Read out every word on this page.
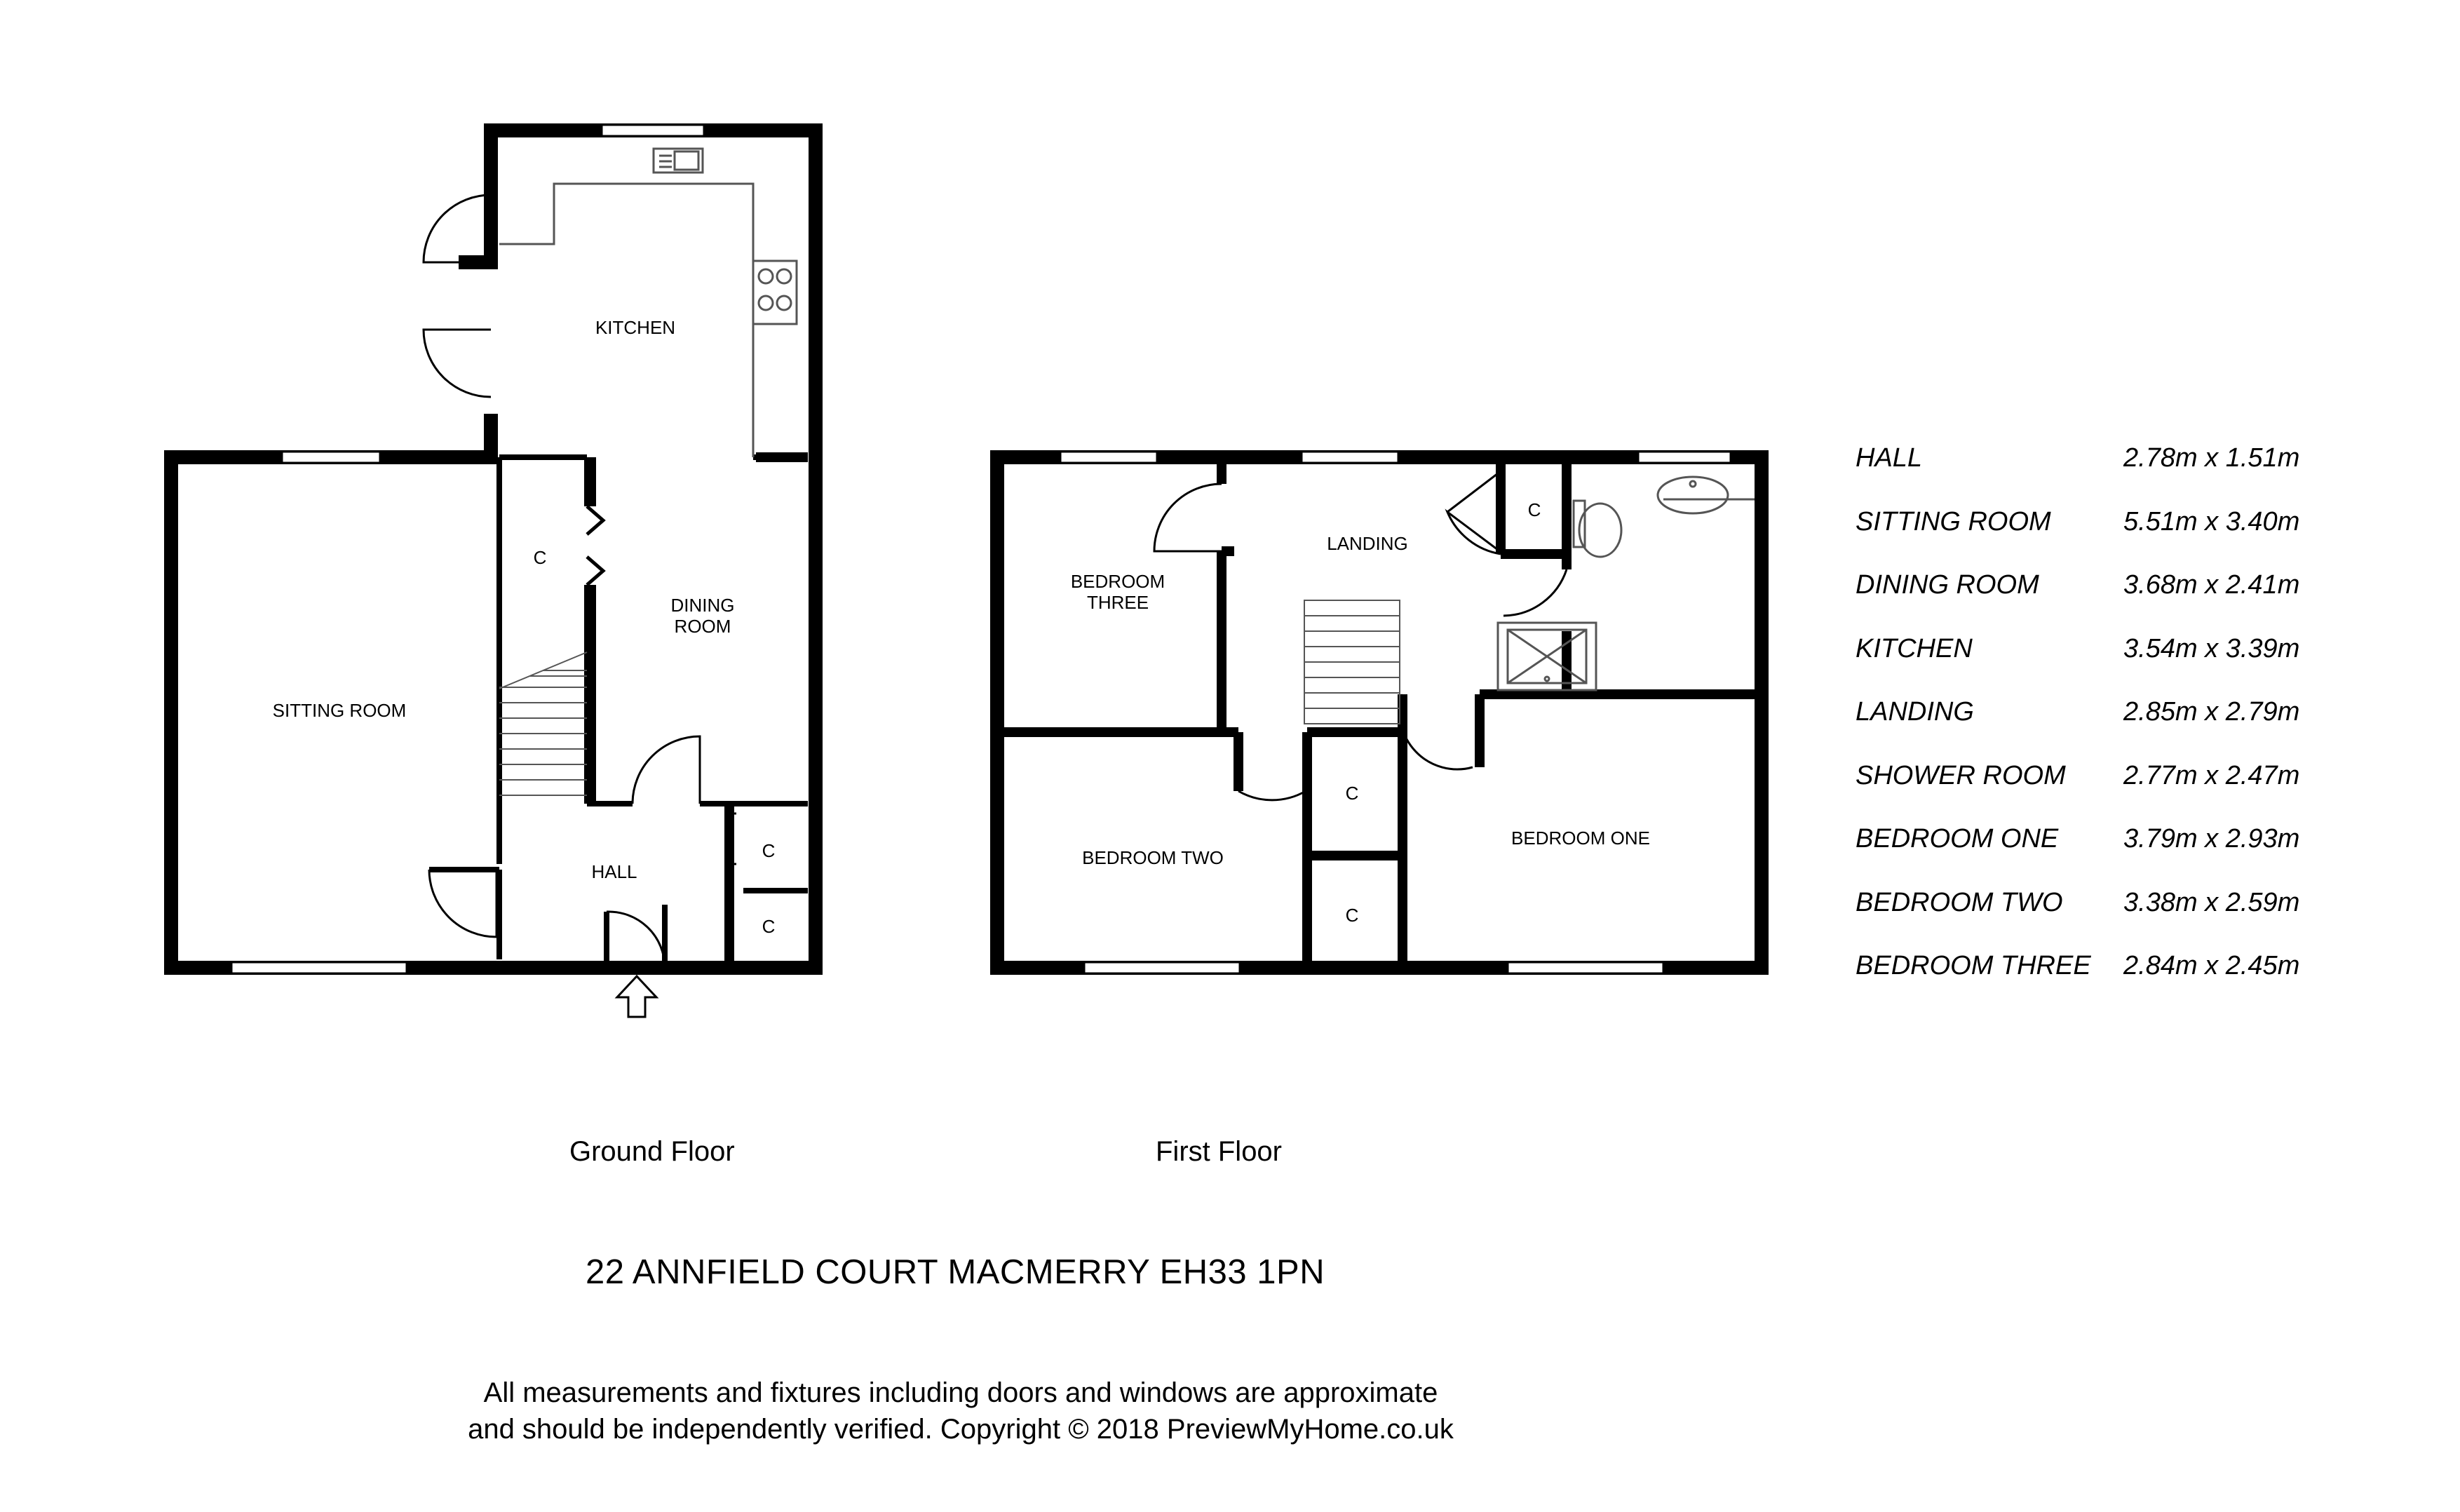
KITCHEN
DINING
ROOM
SITTING ROOM
HALL
C
C
C
LANDING
BEDROOM
THREE
BEDROOM TWO
BEDROOM ONE
C
C
C
Ground Floor	First Floor
HALL	2.78m x 1.51m
SITTING ROOM	5.51m x 3.40m
DINING ROOM	3.68m x 2.41m
KITCHEN	3.54m x 3.39m
LANDING	2.85m x 2.79m
SHOWER ROOM	2.77m x 2.47m
BEDROOM ONE	3.79m x 2.93m
BEDROOM TWO	3.38m x 2.59m
BEDROOM THREE	2.84m x 2.45m
22 ANNFIELD COURT MACMERRY EH33 1PN
All measurements and fixtures including doors and windows are approximate
and should be independently verified. Copyright © 2018 PreviewMyHome.co.uk
